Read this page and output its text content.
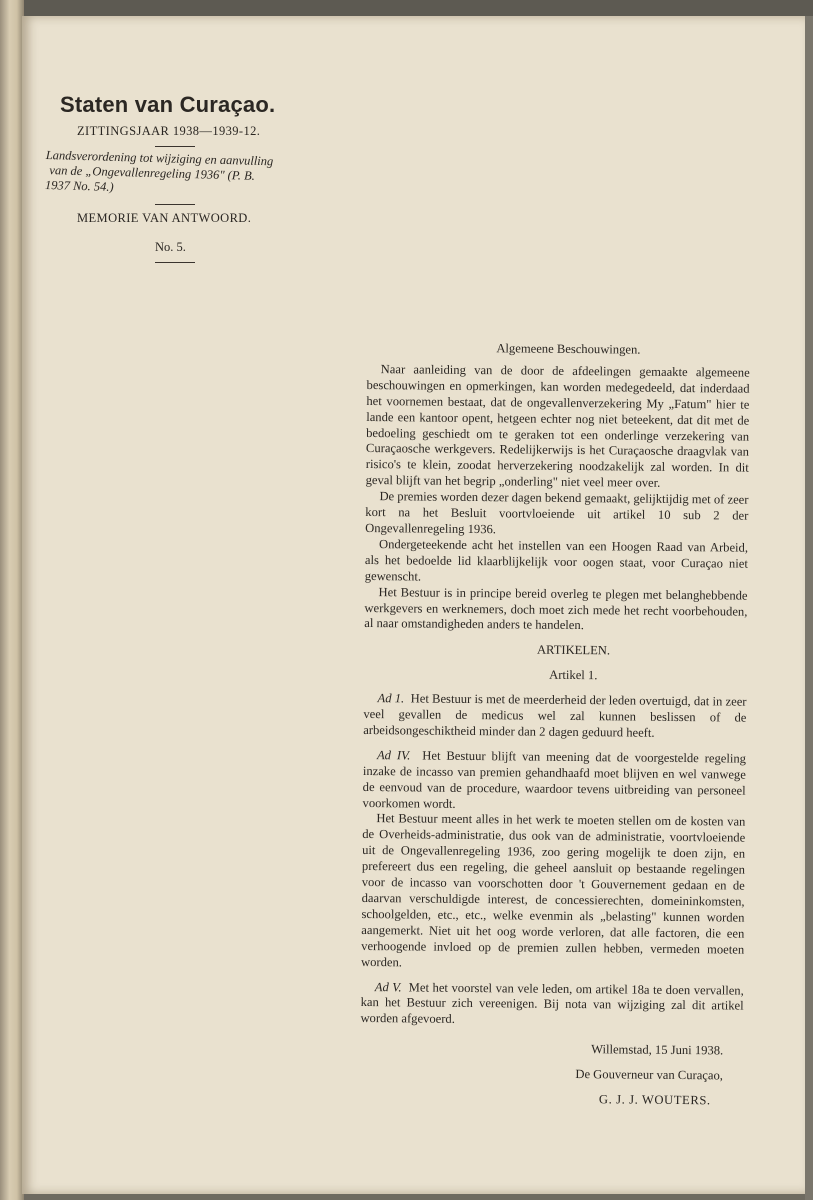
Staten van Curaçao.
ZITTINGSJAAR 1938—1939-12.
Landsverordening tot wijziging en aanvulling
van de „Ongevallenregeling 1936" (P. B.
1937 No. 54.)
MEMORIE VAN ANTWOORD.
No. 5.
Algemeene Beschouwingen.

Naar aanleiding van de door de afdeelingen gemaakte algemeene beschouwingen en opmerkingen, kan worden medegedeeld, dat inderdaad het voornemen bestaat, dat de ongevallenverzekering My „Fatum" hier te lande een kantoor opent, hetgeen echter nog niet beteekent, dat dit met de bedoeling geschiedt om te geraken tot een onderlinge verzekering van Curaçaosche werkgevers. Redelijkerwijs is het Curaçaosche draagvlak van risico's te klein, zoodat herverzekering noodzakelijk zal worden. In dit geval blijft van het begrip „onderling" niet veel meer over.

De premies worden dezer dagen bekend gemaakt, gelijktijdig met of zeer kort na het Besluit voortvloeiende uit artikel 10 sub 2 der Ongevallenregeling 1936.

Ondergeteekende acht het instellen van een Hoogen Raad van Arbeid, als het bedoelde lid klaarblijkelijk voor oogen staat, voor Curaçao niet gewenscht.

Het Bestuur is in principe bereid overleg te plegen met belanghebbende werkgevers en werknemers, doch moet zich mede het recht voorbehouden, al naar omstandigheden anders te handelen.

ARTIKELEN.
Artikel 1.

Ad 1. Het Bestuur is met de meerderheid der leden overtuigd, dat in zeer veel gevallen de medicus wel zal kunnen beslissen of de arbeidsongeschiktheid minder dan 2 dagen geduurd heeft.

Ad IV. Het Bestuur blijft van meening dat de voorgestelde regeling inzake de incasso van premien gehandhaafd moet blijven en wel vanwege de eenvoud van de procedure, waardoor tevens uitbreiding van personeel voorkomen wordt.

Het Bestuur meent alles in het werk te moeten stellen om de kosten van de Overheids-administratie, dus ook van de administratie, voortvloeiende uit de Ongevallenregeling 1936, zoo gering mogelijk te doen zijn, en prefereert dus een regeling, die geheel aansluit op bestaande regelingen voor de incasso van voorschotten door 't Gouvernement gedaan en de daarvan verschuldigde interest, de concessierechten, domeininkomsten, schoolgelden, etc., etc., welke evenmin als „belasting" kunnen worden aangemerkt. Niet uit het oog worde verloren, dat alle factoren, die een verhoogende invloed op de premien zullen hebben, vermeden moeten worden.

Ad V. Met het voorstel van vele leden, om artikel 18a te doen vervallen, kan het Bestuur zich vereenigen. Bij nota van wijziging zal dit artikel worden afgevoerd.

Willemstad, 15 Juni 1938.
De Gouverneur van Curaçao,
G. J. J. WOUTERS.
